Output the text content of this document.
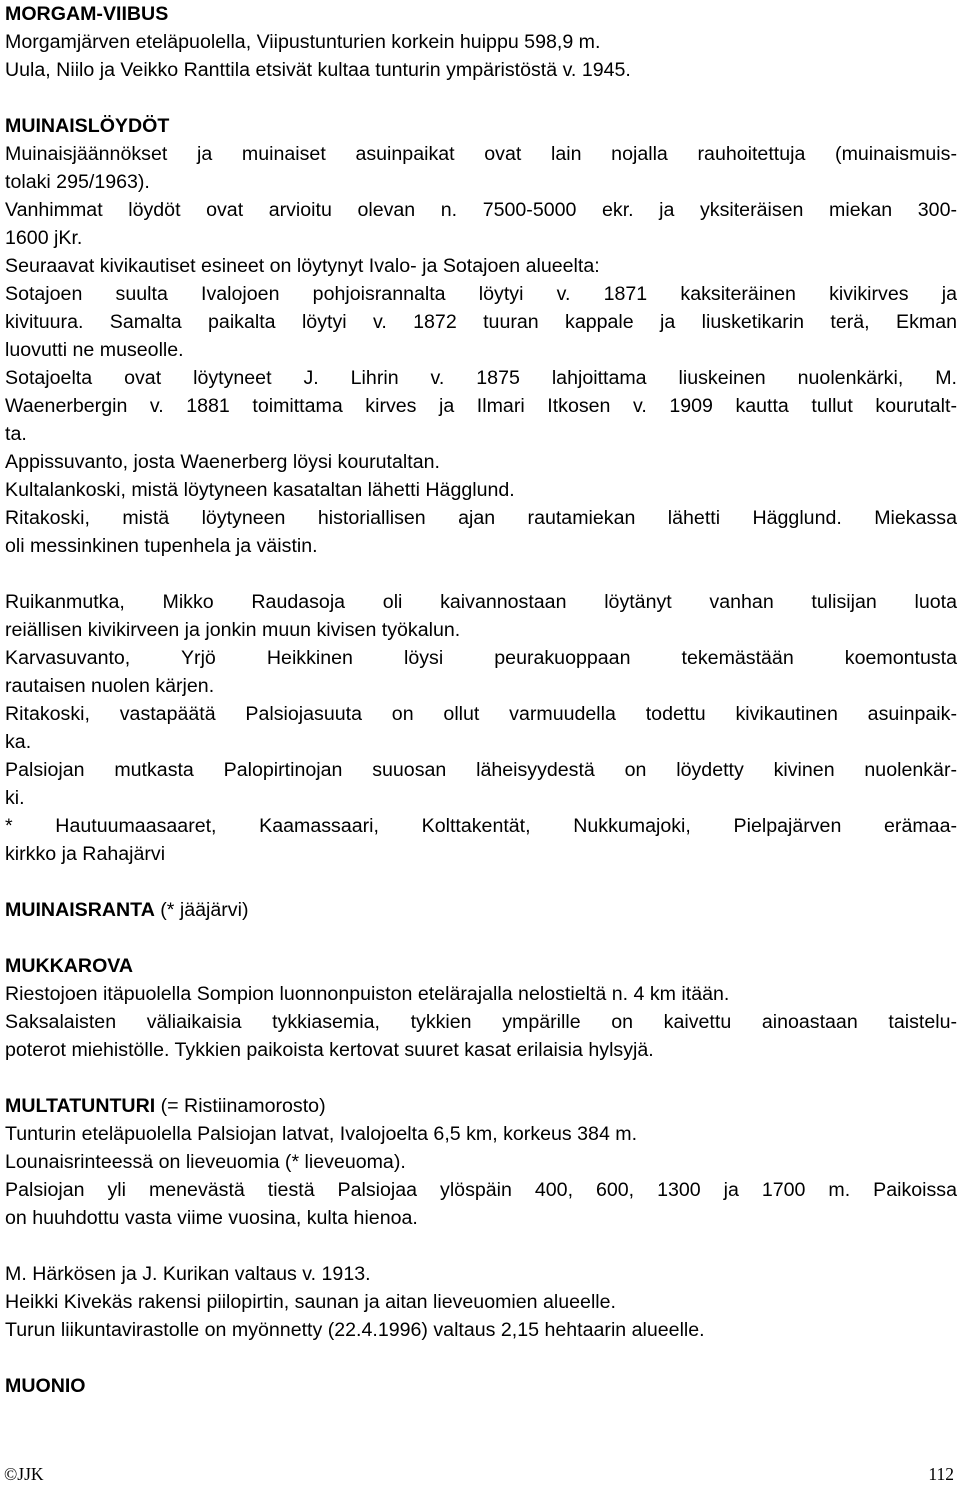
MORGAM-VIIBUS
Morgamjärven eteläpuolella, Viipustunturien korkein huippu 598,9 m.
Uula, Niilo ja Veikko Ranttila etsivät kultaa tunturin ympäristöstä v. 1945.
MUINAISLÖYDÖT
Muinaisjäännökset ja muinaiset asuinpaikat ovat lain nojalla rauhoitettuja (muinaismuis-
tolaki 295/1963).
Vanhimmat löydöt ovat arvioitu olevan n. 7500-5000 ekr. ja yksiteräisen miekan 300-
1600 jKr.
Seuraavat kivikautiset esineet on löytynyt Ivalo- ja Sotajoen alueelta:
Sotajoen suulta Ivalojoen pohjoisrannalta löytyi v. 1871 kaksiteräinen kivikirves ja
kivituura. Samalta paikalta löytyi v. 1872 tuuran kappale ja liusketikarin terä, Ekman
luovutti ne museolle.
Sotajoelta ovat löytyneet J. Lihrin v. 1875 lahjoittama liuskeinen nuolenkärki, M.
Waenerbergin v. 1881 toimittama kirves ja Ilmari Itkosen v. 1909 kautta tullut kourutalt-
ta.
Appissuvanto, josta Waenerberg löysi kourutaltan.
Kultalankoski, mistä löytyneen kasataltan lähetti Hägglund.
Ritakoski, mistä löytyneen historiallisen ajan rautamiekan lähetti Hägglund. Miekassa
oli messinkinen tupenhela ja väistin.
Ruikanmutka, Mikko Raudasoja oli kaivannostaan löytänyt vanhan tulisijan luota
reiällisen kivikirveen ja jonkin muun kivisen työkalun.
Karvasuvanto, Yrjö Heikkinen löysi peurakuoppaan tekemästään koemontusta
rautaisen nuolen kärjen.
Ritakoski, vastapäätä Palsiojasuuta on ollut varmuudella todettu kivikautinen asuinpaik-
ka.
Palsiojan mutkasta Palopirtinojan suuosan läheisyydestä on löydetty kivinen nuolenkär-
ki.
* Hautuumaasaaret, Kaamassaari, Kolttakentät, Nukkumajoki, Pielpajärven erämaa-
kirkko ja Rahajärvi
MUINAISRANTA (* jääjärvi)
MUKKAROVA
Riestojoen itäpuolella Sompion luonnonpuiston etelärajalla nelostieltä n. 4 km itään.
Saksalaisten väliaikaisia tykkiasemia, tykkien ympärille on kaivettu ainoastaan taistelu-
poterot miehistölle. Tykkien paikoista kertovat suuret kasat erilaisia hylsyjä.
MULTATUNTURI (= Ristiinamorosto)
Tunturin eteläpuolella Palsiojan latvat, Ivalojoelta 6,5 km, korkeus 384 m.
Lounaisrinteessä on lieveuomia (* lieveuoma).
Palsiojan yli menevästä tiestä Palsiojaa ylöspäin 400, 600, 1300 ja 1700 m. Paikoissa
on huuhdottu vasta viime vuosina, kulta hienoa.
M. Härkösen ja J. Kurikan valtaus v. 1913.
Heikki Kivekäs rakensi piilopirtin, saunan ja aitan lieveuomien alueelle.
Turun liikuntavirastolle on myönnetty (22.4.1996) valtaus 2,15 hehtaarin alueelle.
MUONIO
©JJK	112
